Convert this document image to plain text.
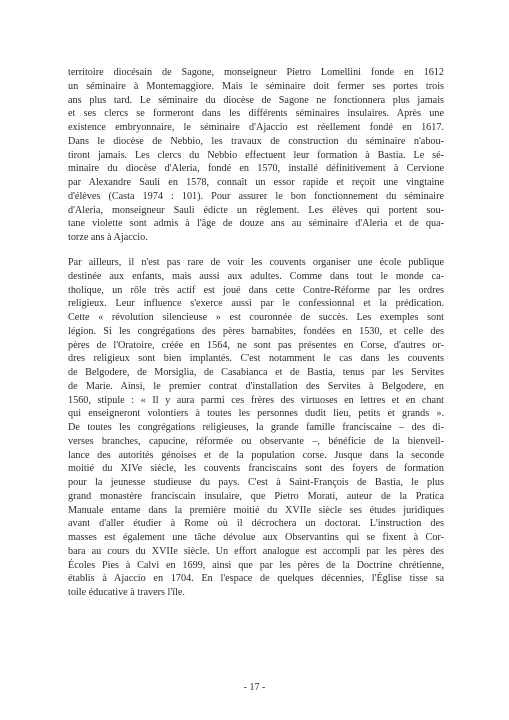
territoire diocésain de Sagone, monseigneur Pietro Lomellini fonde en 1612
un séminaire à Montemaggiore. Mais le séminaire doit fermer ses portes trois
ans plus tard. Le séminaire du diocèse de Sagone ne fonctionnera plus jamais
et ses clercs se formeront dans les différents séminaires insulaires. Après une
existence embryonnaire, le séminaire d'Ajaccio est réellement fondé en 1617.
Dans le diocèse de Nebbio, les travaux de construction du séminaire n'abou-
tiront jamais. Les clercs du Nebbio effectuent leur formation à Bastia. Le sé-
minaire du diocèse d'Aleria, fondé en 1570, installé définitivement à Cervione
par Alexandre Sauli en 1578, connaît un essor rapide et reçoit une vingtaine
d'élèves (Casta 1974 : 101). Pour assurer le bon fonctionnement du séminaire
d'Aleria, monseigneur Sauli édicte un règlement. Les élèves qui portent sou-
tane violette sont admis à l'âge de douze ans au séminaire d'Aleria et de qua-
torze ans à Ajaccio.
Par ailleurs, il n'est pas rare de voir les couvents organiser une école publique
destinée aux enfants, mais aussi aux adultes. Comme dans tout le monde ca-
tholique, un rôle très actif est joué dans cette Contre-Réforme par les ordres
religieux. Leur influence s'exerce aussi par le confessionnal et la prédication.
Cette « révolution silencieuse » est couronnée de succès. Les exemples sont
légion. Si les congrégations des pères barnabites, fondées en 1530, et celle des
pères de l'Oratoire, créée en 1564, ne sont pas présentes en Corse, d'autres or-
dres religieux sont bien implantés. C'est notamment le cas dans les couvents
de Belgodere, de Morsiglia, de Casabianca et de Bastia, tenus par les Servites
de Marie. Ainsi, le premier contrat d'installation des Servites à Belgodere, en
1560, stipule : « Il y aura parmi ces frères des virtuoses en lettres et en chant
qui enseigneront volontiers à toutes les personnes dudit lieu, petits et grands ».
De toutes les congrégations religieuses, la grande famille franciscaine – des di-
verses branches, capucine, réformée ou observante –, bénéficie de la bienveil-
lance des autorités génoises et de la population corse. Jusque dans la seconde
moitié du XIVe siècle, les couvents franciscains sont des foyers de formation
pour la jeunesse studieuse du pays. C'est à Saint-François de Bastia, le plus
grand monastère franciscain insulaire, que Pietro Morati, auteur de la Pratica
Manuale entame dans la première moitié du XVIIe siècle ses études juridiques
avant d'aller étudier à Rome où il décrochera un doctorat. L'instruction des
masses est également une tâche dévolue aux Observantins qui se fixent à Cor-
bara au cours du XVIIe siècle. Un effort analogue est accompli par les pères des
Écoles Pies à Calvi en 1699, ainsi que par les pères de la Doctrine chrétienne,
établis à Ajaccio en 1704. En l'espace de quelques décennies, l'Église tisse sa
toile éducative à travers l'île.
- 17 -
